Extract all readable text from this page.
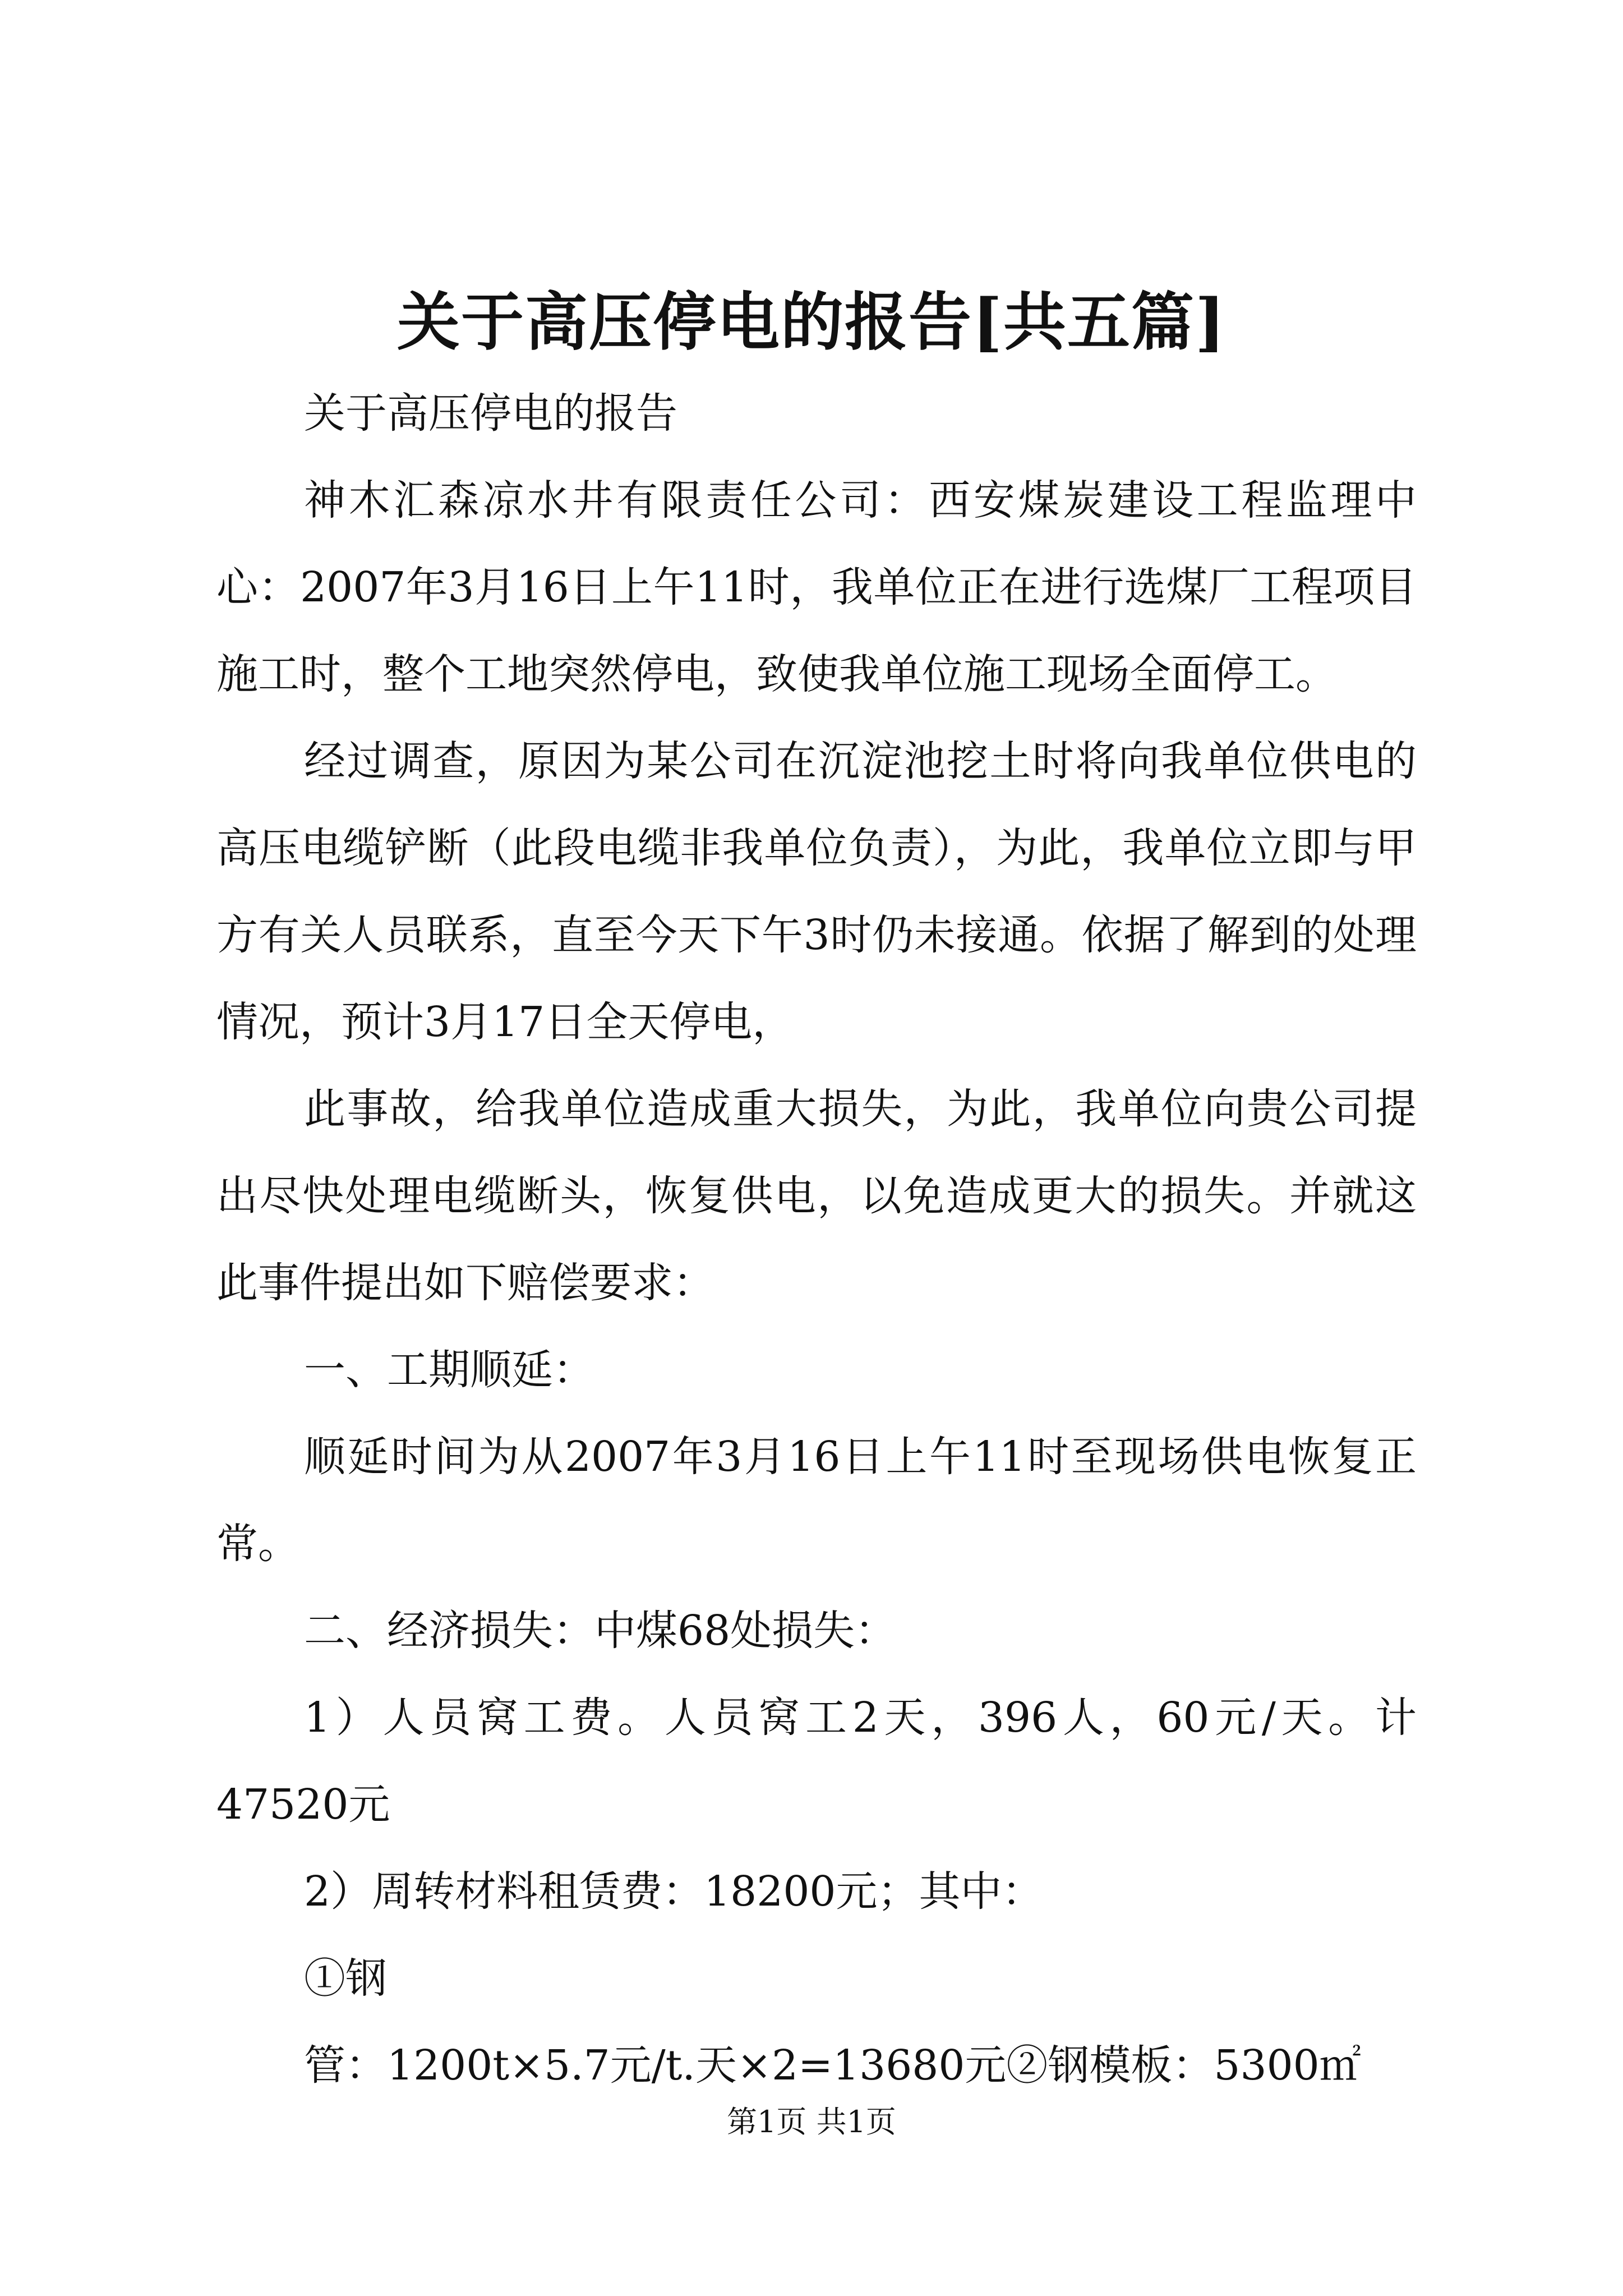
关于高压停电的报告[共五篇]

关于高压停电的报告

神木汇森凉水井有限责任公司：西安煤炭建设工程监理中心：2007年3月16日上午11时，我单位正在进行选煤厂工程项目施工时，整个工地突然停电，致使我单位施工现场全面停工。

经过调查，原因为某公司在沉淀池挖土时将向我单位供电的高压电缆铲断（此段电缆非我单位负责），为此，我单位立即与甲方有关人员联系，直至今天下午3时仍未接通。依据了解到的处理情况，预计3月17日全天停电，

此事故，给我单位造成重大损失，为此，我单位向贵公司提出尽快处理电缆断头，恢复供电，以免造成更大的损失。并就这此事件提出如下赔偿要求：

一、工期顺延：

顺延时间为从2007年3月16日上午11时至现场供电恢复正常。

二、经济损失：中煤68处损失：

1）人员窝工费。人员窝工2天，396人，60元/天。计47520元

2）周转材料租赁费：18200元；其中：

①钢

管：1200t×5.7元/t.天×2=13680元②钢模板：5300㎡

第1页 共1页
